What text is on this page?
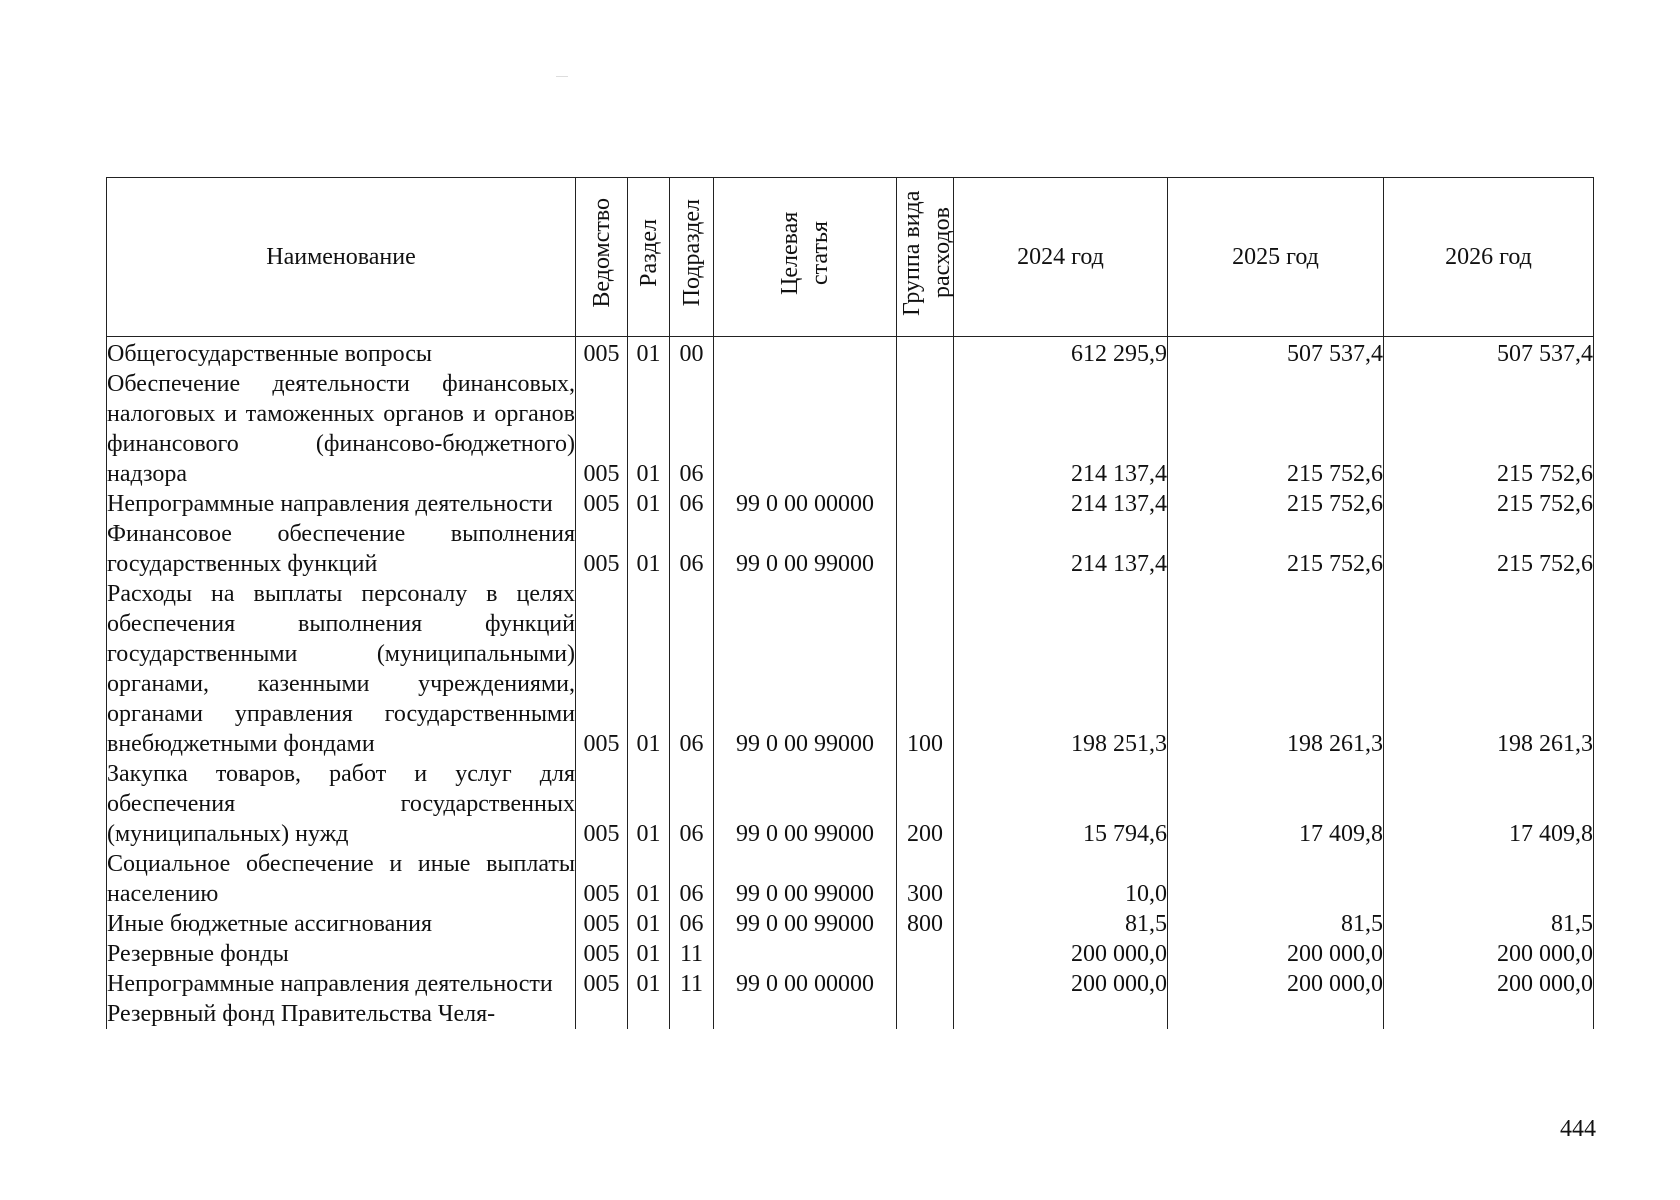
Наименование	Ведомство	Раздел	Подраздел	Целевая статья	Группа вида расходов	2024 год	2025 год	2026 год
Общегосударственные вопросы	005	01	00			612 295,9	507 537,4	507 537,4
Обеспечение деятельности финансовых, налоговых и таможенных органов и органов финансового (финансово-бюджетного) надзора	005	01	06			214 137,4	215 752,6	215 752,6
Непрограммные направления деятельности	005	01	06	99 0 00 00000		214 137,4	215 752,6	215 752,6
Финансовое обеспечение выполнения государственных функций	005	01	06	99 0 00 99000		214 137,4	215 752,6	215 752,6
Расходы на выплаты персоналу в целях обеспечения выполнения функций государственными (муниципальными) органами, казенными учреждениями, органами управления государственными внебюджетными фондами	005	01	06	99 0 00 99000	100	198 251,3	198 261,3	198 261,3
Закупка товаров, работ и услуг для обеспечения государственных (муниципальных) нужд	005	01	06	99 0 00 99000	200	15 794,6	17 409,8	17 409,8
Социальное обеспечение и иные выплаты населению	005	01	06	99 0 00 99000	300	10,0		
Иные бюджетные ассигнования	005	01	06	99 0 00 99000	800	81,5	81,5	81,5
Резервные фонды	005	01	11			200 000,0	200 000,0	200 000,0
Непрограммные направления деятельности	005	01	11	99 0 00 00000		200 000,0	200 000,0	200 000,0
Резервный фонд Правительства Челя-								
444
